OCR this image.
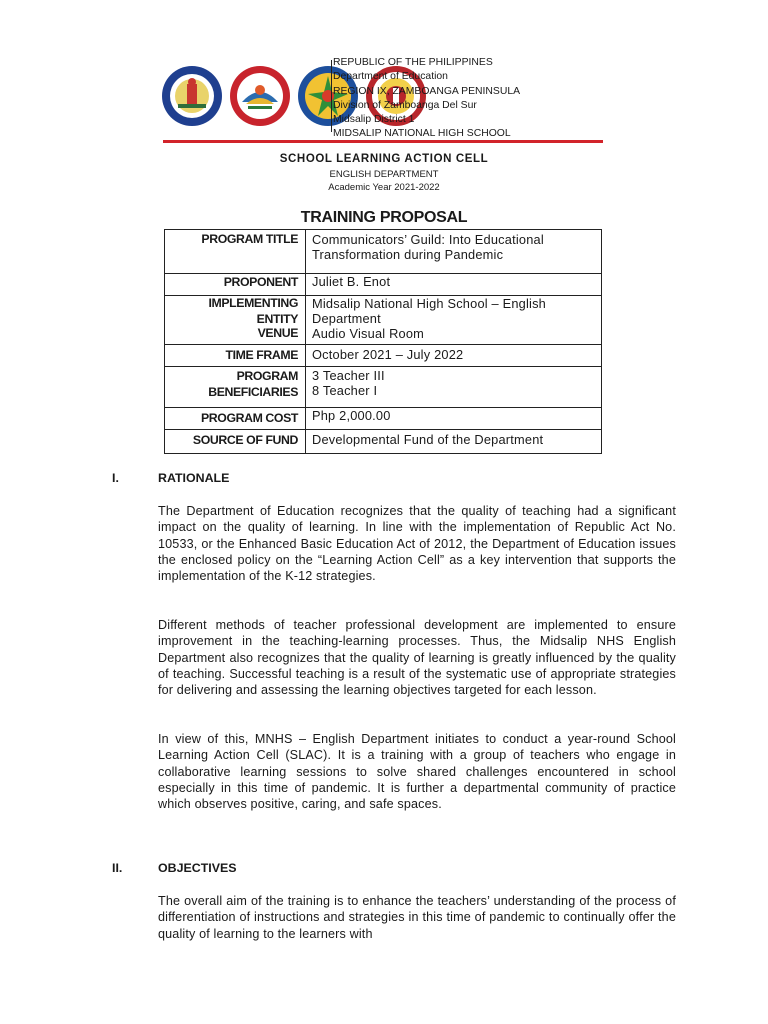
REPUBLIC OF THE PHILIPPINES
Department of Education
REGION IX, ZAMBOANGA PENINSULA
Division of Zamboanga Del Sur
Midsalip District 1
MIDSALIP NATIONAL HIGH SCHOOL
SCHOOL LEARNING ACTION CELL
ENGLISH DEPARTMENT
Academic Year 2021-2022
TRAINING PROPOSAL
PROGRAM TITLE Communicators’ Guild: Into Educational
Transformation during Pandemic
PROPONENT Juliet B. Enot
IMPLEMENTING
ENTITY
Midsalip National High School – English
Department
VENUE Audio Visual Room
TIME FRAME October 2021 – July 2022
PROGRAM
BENEFICIARIES
3 Teacher III
8 Teacher I
PROGRAM COST Php 2,000.00
SOURCE OF FUND Developmental Fund of the Department
I.	RATIONALE
The Department of Education recognizes that the quality of teaching had a significant impact on the quality of learning. In line with the implementation of Republic Act No. 10533, or the Enhanced Basic Education Act of 2012, the Department of Education issues the enclosed policy on the “Learning Action Cell” as a key intervention that supports the implementation of the K-12 strategies.
Different methods of teacher professional development are implemented to ensure improvement in the teaching-learning processes. Thus, the Midsalip NHS English Department also recognizes that the quality of learning is greatly influenced by the quality of teaching. Successful teaching is a result of the systematic use of appropriate strategies for delivering and assessing the learning objectives targeted for each lesson.
In view of this, MNHS – English Department initiates to conduct a year-round School Learning Action Cell (SLAC). It is a training with a group of teachers who engage in collaborative learning sessions to solve shared challenges encountered in school especially in this time of pandemic. It is further a departmental community of practice which observes positive, caring, and safe spaces.
II.	OBJECTIVES
The overall aim of the training is to enhance the teachers’ understanding of the process of differentiation of instructions and strategies in this time of pandemic to continually offer the quality of learning to the learners with
